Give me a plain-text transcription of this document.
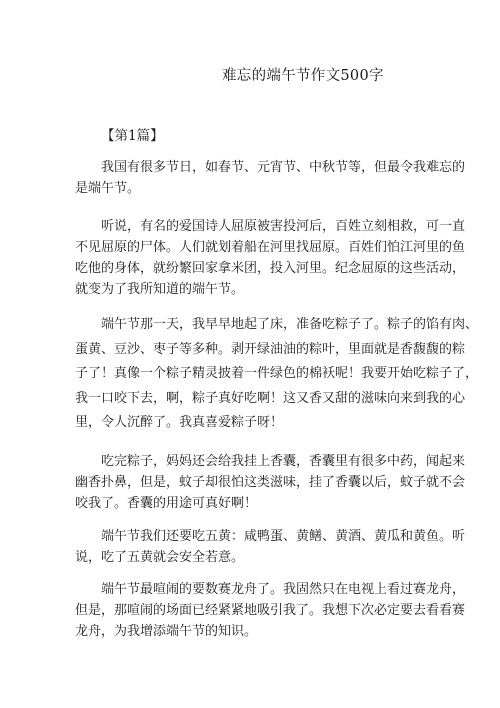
难忘的端午节作文500字
【第1篇】
　　我国有很多节日，如春节、元宵节、中秋节等，但最令我难忘的
是端午节。
　　听说，有名的爱国诗人屈原被害投河后，百姓立刻相救，可一直
不见屈原的尸体。人们就划着船在河里找屈原。百姓们怕江河里的鱼
吃他的身体，就纷繁回家拿米团，投入河里。纪念屈原的这些活动，
就变为了我所知道的端午节。
　　端午节那一天，我早早地起了床，准备吃粽子了。粽子的馅有肉、
蛋黄、豆沙、枣子等多种。剥开绿油油的粽叶，里面就是香馥馥的粽
子了！真像一个粽子精灵披着一件绿色的棉袄呢！我要开始吃粽子了，
我一口咬下去，啊，粽子真好吃啊！这又香又甜的滋味向来到我的心
里，令人沉醉了。我真喜爱粽子呀！
　　吃完粽子，妈妈还会给我挂上香囊，香囊里有很多中药，闻起来
幽香扑鼻，但是，蚊子却很怕这类滋味，挂了香囊以后，蚊子就不会
咬我了。香囊的用途可真好啊！
　　端午节我们还要吃五黄：咸鸭蛋、黄鳝、黄酒、黄瓜和黄鱼。听
说，吃了五黄就会安全若意。
　　端午节最喧闹的要数赛龙舟了。我固然只在电视上看过赛龙舟，
但是，那喧闹的场面已经紧紧地吸引我了。我想下次必定要去看看赛
龙舟，为我增添端午节的知识。
